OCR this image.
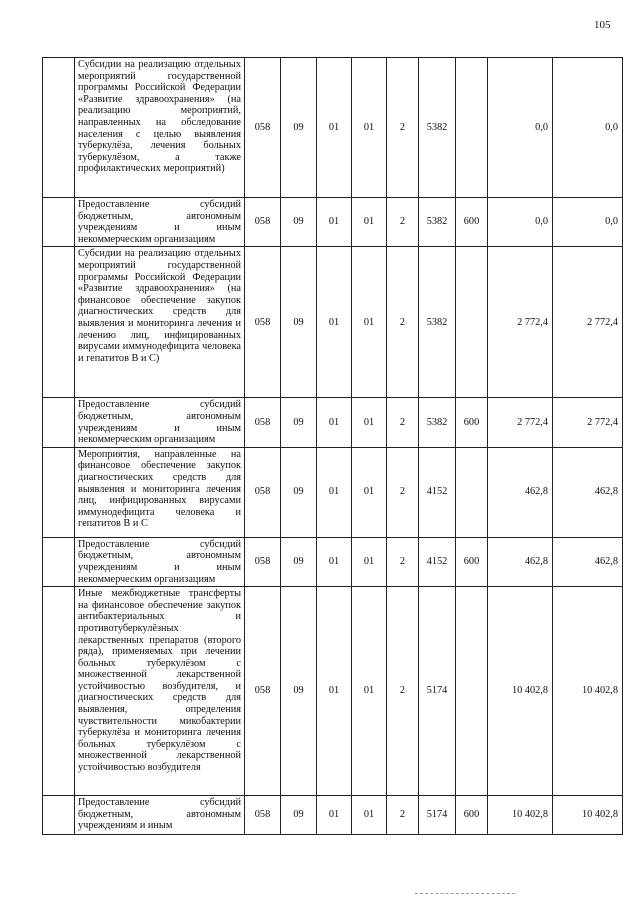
105
	Субсидии на реализацию отдельных мероприятий государственной программы Российской Федерации «Развитие здравоохранения» (на реализацию мероприятий, направленных на обследование населения с целью выявления туберкулёза, лечения больных туберкулёзом, а также профилактических мероприятий)	058	09	01	01	2	5382		0,0	0,0
	Предоставление субсидий бюджетным, автономным учреждениям и иным некоммерческим организациям	058	09	01	01	2	5382	600	0,0	0,0
	Субсидии на реализацию отдельных мероприятий государственной программы Российской Федерации «Развитие здравоохранения» (на финансовое обеспечение закупок диагностических средств для выявления и мониторинга лечения и лечению лиц, инфицированных вирусами иммунодефицита человека и гепатитов В и С)	058	09	01	01	2	5382		2 772,4	2 772,4
	Предоставление субсидий бюджетным, автономным учреждениям и иным некоммерческим организациям	058	09	01	01	2	5382	600	2 772,4	2 772,4
	Мероприятия, направленные на финансовое обеспечение закупок диагностических средств для выявления и мониторинга лечения лиц, инфицированных вирусами иммунодефицита человека и гепатитов В и С	058	09	01	01	2	4152		462,8	462,8
	Предоставление субсидий бюджетным, автономным учреждениям и иным некоммерческим организациям	058	09	01	01	2	4152	600	462,8	462,8
	Иные межбюджетные трансферты на финансовое обеспечение закупок антибактериальных и противотуберкулёзных лекарственных препаратов (второго ряда), применяемых при лечении больных туберкулёзом с множественной лекарственной устойчивостью возбудителя, и диагностических средств для выявления, определения чувствительности микобактерии туберкулёза и мониторинга лечения больных туберкулёзом с множественной лекарственной устойчивостью возбудителя	058	09	01	01	2	5174		10 402,8	10 402,8
	Предоставление субсидий бюджетным, автономным учреждениям и иным	058	09	01	01	2	5174	600	10 402,8	10 402,8
